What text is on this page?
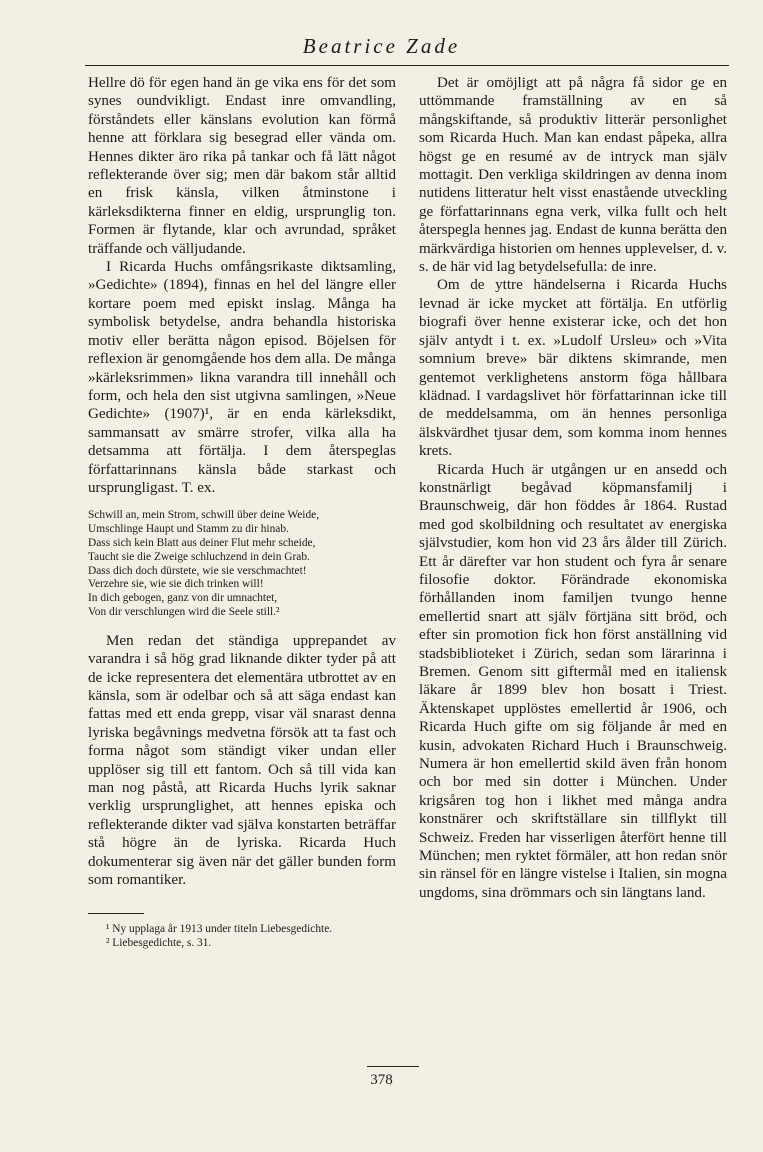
Beatrice Zade

Hellre dö för egen hand än ge vika ens för det som synes oundvikligt. Endast inre omvandling, förståndets eller känslans evolution kan förmå henne att förklara sig besegrad eller vända om. Hennes dikter äro rika på tankar och få lätt något reflekterande över sig; men där bakom står alltid en frisk känsla, vilken åtminstone i kärleksdikterna finner en eldig, ursprunglig ton. Formen är flytande, klar och avrundad, språket träffande och välljudande.

I Ricarda Huchs omfångsrikaste diktsamling, »Gedichte» (1894), finnas en hel del längre eller kortare poem med episkt inslag. Många ha symbolisk betydelse, andra behandla historiska motiv eller berätta någon episod. Böjelsen för reflexion är genomgående hos dem alla. De många »kärleksrimmen» likna varandra till innehåll och form, och hela den sist utgivna samlingen, »Neue Gedichte» (1907)¹, är en enda kärleksdikt, sammansatt av smärre strofer, vilka alla ha detsamma att förtälja. I dem återspeglas författarinnans känsla både starkast och ursprungligast. T. ex.

Schwill an, mein Strom, schwill über deine Weide,
Umschlinge Haupt und Stamm zu dir hinab.
Dass sich kein Blatt aus deiner Flut mehr scheide,
Taucht sie die Zweige schluchzend in dein Grab.
Dass dich doch dürstete, wie sie verschmachtet!
Verzehre sie, wie sie dich trinken will!
In dich gebogen, ganz von dir umnachtet,
Von dir verschlungen wird die Seele still.²

Men redan det ständiga upprepandet av varandra i så hög grad liknande dikter tyder på att de icke representera det elementära utbrottet av en känsla, som är odelbar och så att säga endast kan fattas med ett enda grepp, visar väl snarast denna lyriska begåvnings medvetna försök att ta fast och forma något som ständigt viker undan eller upplöser sig till ett fantom. Och så till vida kan man nog påstå, att Ricarda Huchs lyrik saknar verklig ursprunglighet, att hennes episka och reflekterande dikter vad själva konstarten beträffar stå högre än de lyriska. Ricarda Huch dokumenterar sig även när det gäller bunden form som romantiker.

¹ Ny upplaga år 1913 under titeln Liebesgedichte.

² Liebesgedichte, s. 31.

Det är omöjligt att på några få sidor ge en uttömmande framställning av en så mångskiftande, så produktiv litterär personlighet som Ricarda Huch. Man kan endast påpeka, allra högst ge en resumé av de intryck man själv mottagit. Den verkliga skildringen av denna inom nutidens litteratur helt visst enastående utveckling ge författarinnans egna verk, vilka fullt och helt återspegla hennes jag. Endast de kunna berätta den märkvärdiga historien om hennes upplevelser, d. v. s. de här vid lag betydelsefulla: de inre.

Om de yttre händelserna i Ricarda Huchs levnad är icke mycket att förtälja. En utförlig biografi över henne existerar icke, och det hon själv antydt i t. ex. »Ludolf Ursleu» och »Vita somnium breve» bär diktens skimrande, men gentemot verklighetens anstorm föga hållbara klädnad. I vardagslivet hör författarinnan icke till de meddelsamma, om än hennes personliga älskvärdhet tjusar dem, som komma inom hennes krets.

Ricarda Huch är utgången ur en ansedd och konstnärligt begåvad köpmansfamilj i Braunschweig, där hon föddes år 1864. Rustad med god skolbildning och resultatet av energiska självstudier, kom hon vid 23 års ålder till Zürich. Ett år därefter var hon student och fyra år senare filosofie doktor. Förändrade ekonomiska förhållanden inom familjen tvungo henne emellertid snart att själv förtjäna sitt bröd, och efter sin promotion fick hon först anställning vid stadsbiblioteket i Zürich, sedan som lärarinna i Bremen. Genom sitt giftermål med en italiensk läkare år 1899 blev hon bosatt i Triest. Äktenskapet upplöstes emellertid år 1906, och Ricarda Huch gifte om sig följande år med en kusin, advokaten Richard Huch i Braunschweig. Numera är hon emellertid skild även från honom och bor med sin dotter i München. Under krigsåren tog hon i likhet med många andra konstnärer och skriftställare sin tillflykt till Schweiz. Freden har visserligen återfört henne till München; men ryktet förmäler, att hon redan snör sin ränsel för en längre vistelse i Italien, sin mogna ungdoms, sina drömmars och sin längtans land.

378
